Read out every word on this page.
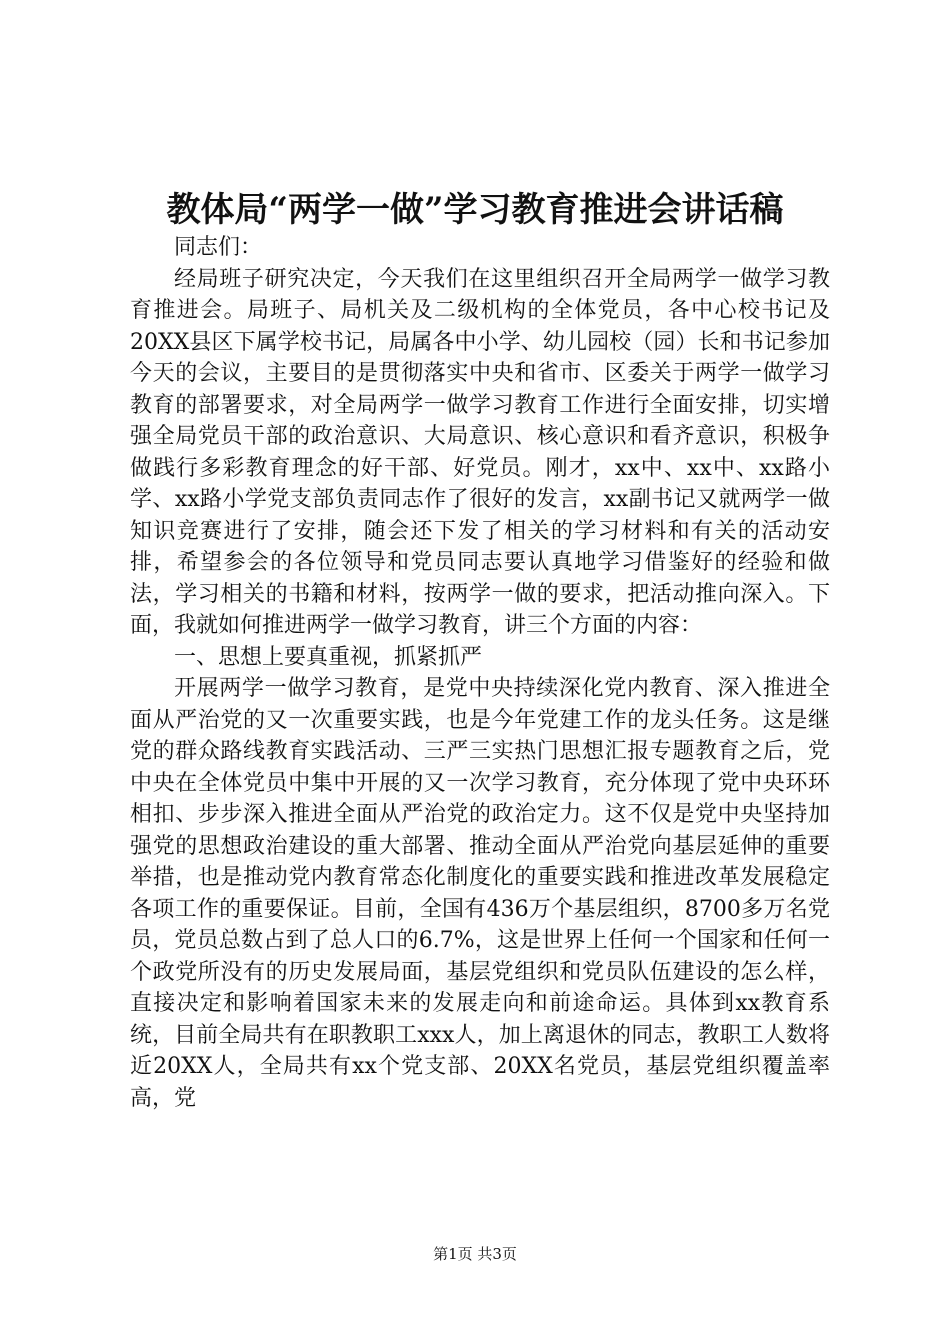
教体局“两学一做”学习教育推进会讲话稿

同志们：

经局班子研究决定，今天我们在这里组织召开全局两学一做学习教育推进会。局班子、局机关及二级机构的全体党员，各中心校书记及20XX县区下属学校书记，局属各中小学、幼儿园校（园）长和书记参加今天的会议，主要目的是贯彻落实中央和省市、区委关于两学一做学习教育的部署要求，对全局两学一做学习教育工作进行全面安排，切实增强全局党员干部的政治意识、大局意识、核心意识和看齐意识，积极争做践行多彩教育理念的好干部、好党员。刚才，xx中、xx中、xx路小学、xx路小学党支部负责同志作了很好的发言，xx副书记又就两学一做知识竞赛进行了安排，随会还下发了相关的学习材料和有关的活动安排，希望参会的各位领导和党员同志要认真地学习借鉴好的经验和做法，学习相关的书籍和材料，按两学一做的要求，把活动推向深入。下面，我就如何推进两学一做学习教育，讲三个方面的内容：

一、思想上要真重视，抓紧抓严

开展两学一做学习教育，是党中央持续深化党内教育、深入推进全面从严治党的又一次重要实践，也是今年党建工作的龙头任务。这是继党的群众路线教育实践活动、三严三实热门思想汇报专题教育之后，党中央在全体党员中集中开展的又一次学习教育，充分体现了党中央环环相扣、步步深入推进全面从严治党的政治定力。这不仅是党中央坚持加强党的思想政治建设的重大部署、推动全面从严治党向基层延伸的重要举措，也是推动党内教育常态化制度化的重要实践和推进改革发展稳定各项工作的重要保证。目前，全国有436万个基层组织，8700多万名党员，党员总数占到了总人口的6.7%，这是世界上任何一个国家和任何一个政党所没有的历史发展局面，基层党组织和党员队伍建设的怎么样，直接决定和影响着国家未来的发展走向和前途命运。具体到xx教育系统，目前全局共有在职教职工xxx人，加上离退休的同志，教职工人数将近20XX人，全局共有xx个党支部、20XX名党员，基层党组织覆盖率高，党

第1页 共3页
